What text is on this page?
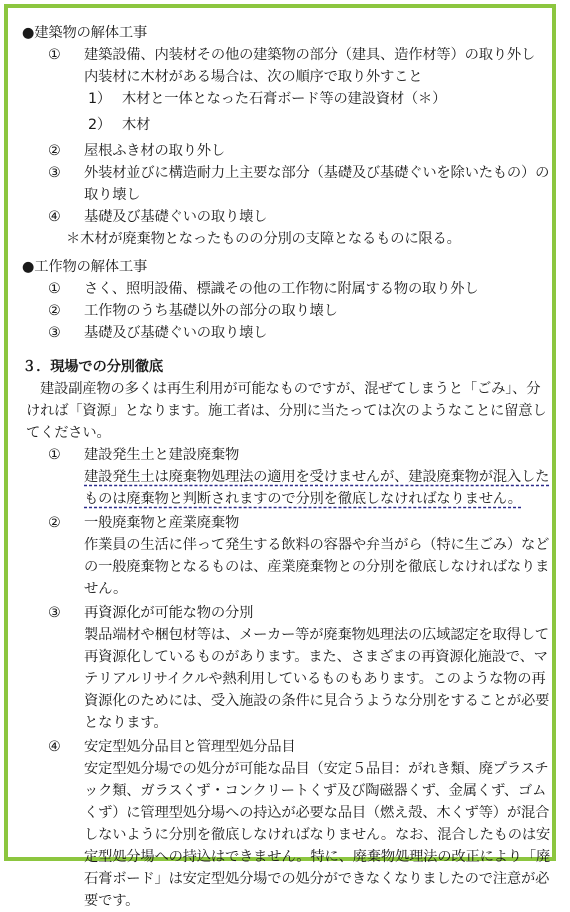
●建築物の解体工事
① 建築設備、内装材その他の建築物の部分（建具、造作材等）の取り外し
内装材に木材がある場合は、次の順序で取り外すこと
1） 木材と一体となった石膏ボード等の建設資材（＊）
2） 木材
② 屋根ふき材の取り外し
③ 外装材並びに構造耐力上主要な部分（基礎及び基礎ぐいを除いたもの）の
取り壊し
④ 基礎及び基礎ぐいの取り壊し
＊木材が廃棄物となったものの分別の支障となるものに限る。
●工作物の解体工事
① さく、照明設備、標識その他の工作物に附属する物の取り外し
② 工作物のうち基礎以外の部分の取り壊し
③ 基礎及び基礎ぐいの取り壊し
３．現場での分別徹底
建設副産物の多くは再生利用が可能なものですが、混ぜてしまうと「ごみ」、分
ければ「資源」となります。施工者は、分別に当たっては次のようなことに留意し
てください。
① 建設発生土と建設廃棄物
建設発生土は廃棄物処理法の適用を受けませんが、建設廃棄物が混入した
ものは廃棄物と判断されますので分別を徹底しなければなりません。
② 一般廃棄物と産業廃棄物
作業員の生活に伴って発生する飲料の容器や弁当がら（特に生ごみ）など
の一般廃棄物となるものは、産業廃棄物との分別を徹底しなければなりま
せん。
③ 再資源化が可能な物の分別
製品端材や梱包材等は、メーカー等が廃棄物処理法の広域認定を取得して
再資源化しているものがあります。また、さまざまの再資源化施設で、マ
テリアルリサイクルや熱利用しているものもあります。このような物の再
資源化のためには、受入施設の条件に見合うような分別をすることが必要
となります。
④ 安定型処分品目と管理型処分品目
安定型処分場での処分が可能な品目（安定５品目：がれき類、廃プラスチ
ック類、ガラスくず・コンクリートくず及び陶磁器くず、金属くず、ゴム
くず）に管理型処分場への持込が必要な品目（燃え殻、木くず等）が混合
しないように分別を徹底しなければなりません。なお、混合したものは安
定型処分場への持込はできません。特に、廃棄物処理法の改正により「廃
石膏ボード」は安定型処分場での処分ができなくなりましたので注意が必
要です。
